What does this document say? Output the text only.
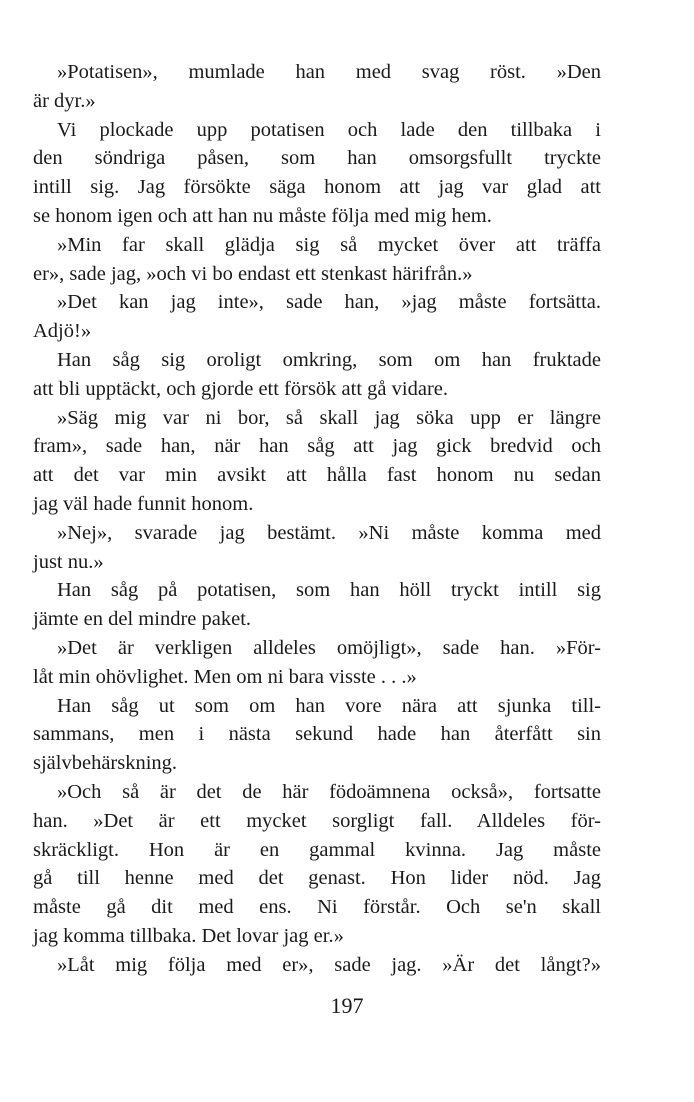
»Potatisen», mumlade han med svag röst. »Den
är dyr.»
Vi plockade upp potatisen och lade den tillbaka i
den söndriga påsen, som han omsorgsfullt tryckte
intill sig. Jag försökte säga honom att jag var glad att
se honom igen och att han nu måste följa med mig hem.
»Min far skall glädja sig så mycket över att träffa
er», sade jag, »och vi bo endast ett stenkast härifrån.»
»Det kan jag inte», sade han, »jag måste fortsätta.
Adjö!»
Han såg sig oroligt omkring, som om han fruktade
att bli upptäckt, och gjorde ett försök att gå vidare.
»Säg mig var ni bor, så skall jag söka upp er längre
fram», sade han, när han såg att jag gick bredvid och
att det var min avsikt att hålla fast honom nu sedan
jag väl hade funnit honom.
»Nej», svarade jag bestämt. »Ni måste komma med
just nu.»
Han såg på potatisen, som han höll tryckt intill sig
jämte en del mindre paket.
»Det är verkligen alldeles omöjligt», sade han. »För-
låt min ohövlighet. Men om ni bara visste . . .»
Han såg ut som om han vore nära att sjunka till-
sammans, men i nästa sekund hade han återfått sin
självbehärskning.
»Och så är det de här födoämnena också», fortsatte
han. »Det är ett mycket sorgligt fall. Alldeles för-
skräckligt. Hon är en gammal kvinna. Jag måste
gå till henne med det genast. Hon lider nöd. Jag
måste gå dit med ens. Ni förstår. Och se'n skall
jag komma tillbaka. Det lovar jag er.»
»Låt mig följa med er», sade jag. »Är det långt?»
197
